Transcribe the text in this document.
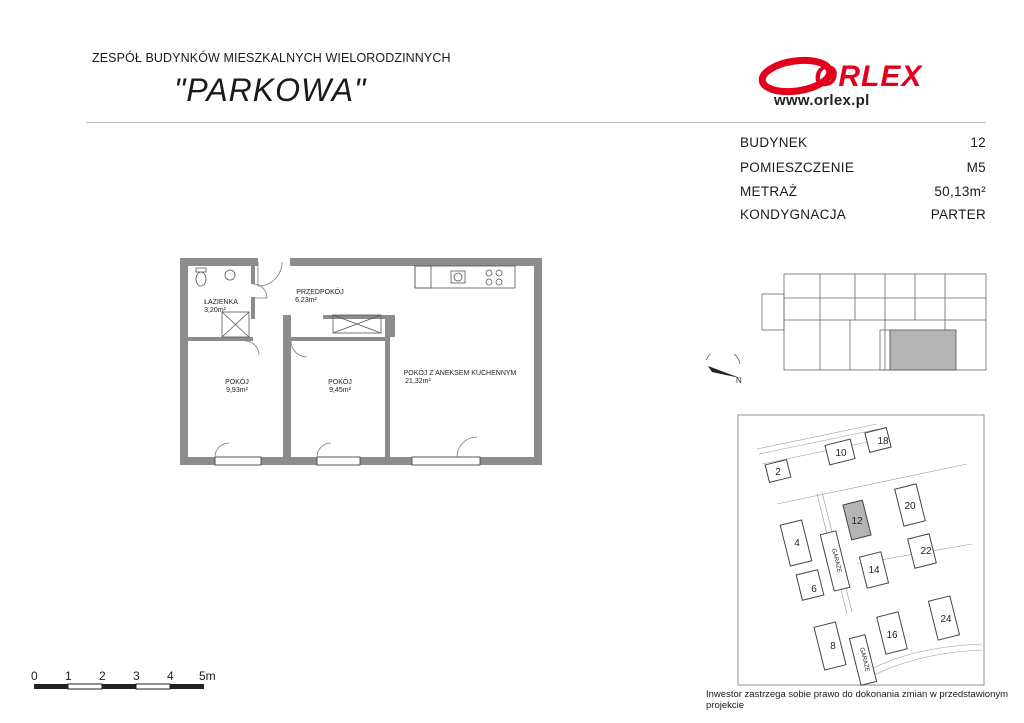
ZESPÓŁ BUDYNKÓW MIESZKALNYCH WIELORODZINNYCH
"PARKOWA"	ORLEX
www.orlex.pl
BUDYNEK	12
POMIESZCZENIE	M5
METRAŻ	50,13m²
KONDYGNACJA	PARTER
ŁAZIENKA
3,20m²
PRZEDPOKÓJ
6,23m²
POKÓJ
9,93m²
POKÓJ
9,45m²
POKÓJ Z ANEKSEM KUCHENNYM
21,32m²	N
2
4
6
8
10
12
14
16
18
20
22
24
GARAŻE
GARAŻE
0 1 2 3 4 5m
Inwestor zastrzega sobie prawo do dokonania zmian w przedstawionym projekcie
